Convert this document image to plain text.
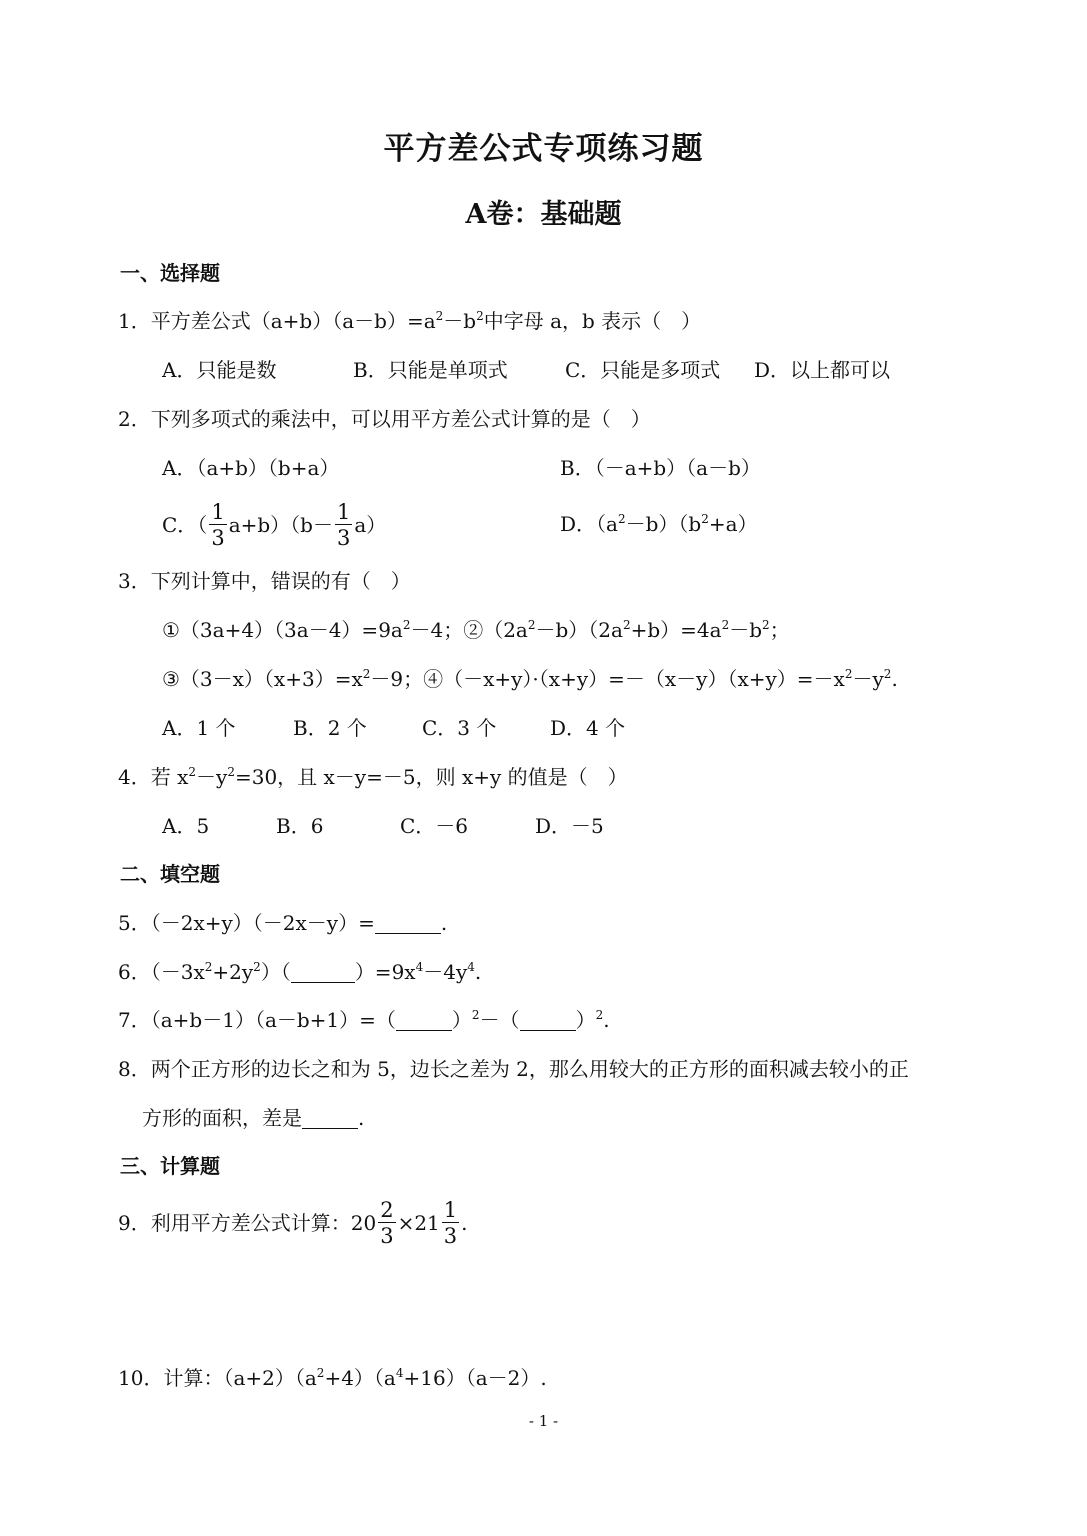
平方差公式专项练习题
A卷：基础题
一、选择题
1．平方差公式$(a+b)(a-b)=a^2-b^2$中字母 a，b 表示（　）
A．只能是数	B．只能是单项式	C．只能是多项式 D．以上都可以
2．下列多项式的乘法中，可以用平方差公式计算的是（　）
A．（a+b）（b+a）	B．（－a+b）（a－b）
C．（ $\frac{1}{3} a+b)(b- \frac{1}{3} a)$	D．$(a^2-b)(b^2+a)$
3．下列计算中，错误的有（　）
$①(3a+4)(3a-4)=9a^2-4$；$②(2a^2-b)(2a^2+b)=4a^2-b^2$；
$③(3-x)(x+3)=x^2-9$；$④(-x+y)\cdot(x+y)=-(x-y)(x+y)=-x^2-y^2$.
A．1 个	B．2 个	C．3 个	D．4 个
4．若 $x^2-y^2=30$，且 x－y=－5，则 x+y 的值是（　）
A．5	B．6	C．－6	D．－5
二、填空题
5．（－2x+y）（－2x－y）=	.
6．$(-3x^2+2y^2)$（	）$=9x^4-4y^4$.
7．（a+b－1）（a－b+1）=（	）$^2$－（	）$^2$.
8．两个正方形的边长之和为 5，边长之差为 2，那么用较大的正方形的面积减去较小的正
方形的面积，差是	.
三、计算题
9． 利用平方差公式计算： $20 \frac{2}{3} \times 21 \frac{1}{3}$ .
10．计算：$(a+2)(a^2+4)(a^4+16)(a-2)$.
- 1 -
